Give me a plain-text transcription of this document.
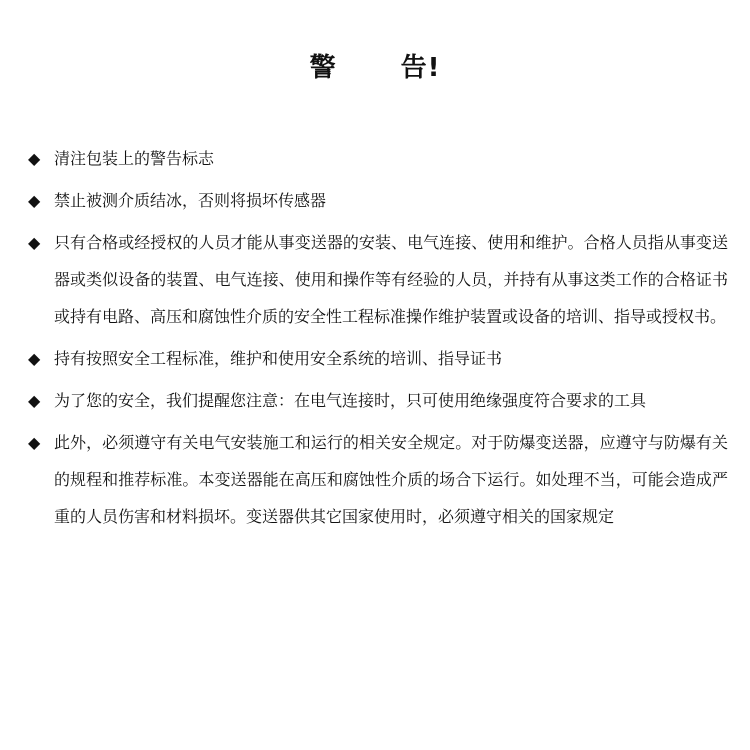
警 告!
◆
清注包装上的警告标志
◆
禁止被测介质结冰，否则将损坏传感器
◆
只有合格或经授权的人员才能从事变送器的安装、电气连接、使用和维护。合格人员指从事变送器或类似设备的装置、电气连接、使用和操作等有经验的人员，并持有从事这类工作的合格证书或持有电路、高压和腐蚀性介质的安全性工程标准操作维护装置或设备的培训、指导或授权书。
◆
持有按照安全工程标准，维护和使用安全系统的培训、指导证书
◆
为了您的安全，我们提醒您注意：在电气连接时，只可使用绝缘强度符合要求的工具
◆
此外，必须遵守有关电气安装施工和运行的相关安全规定。对于防爆变送器，应遵守与防爆有关的规程和推荐标准。本变送器能在高压和腐蚀性介质的场合下运行。如处理不当，可能会造成严重的人员伤害和材料损坏。变送器供其它国家使用时，必须遵守相关的国家规定
